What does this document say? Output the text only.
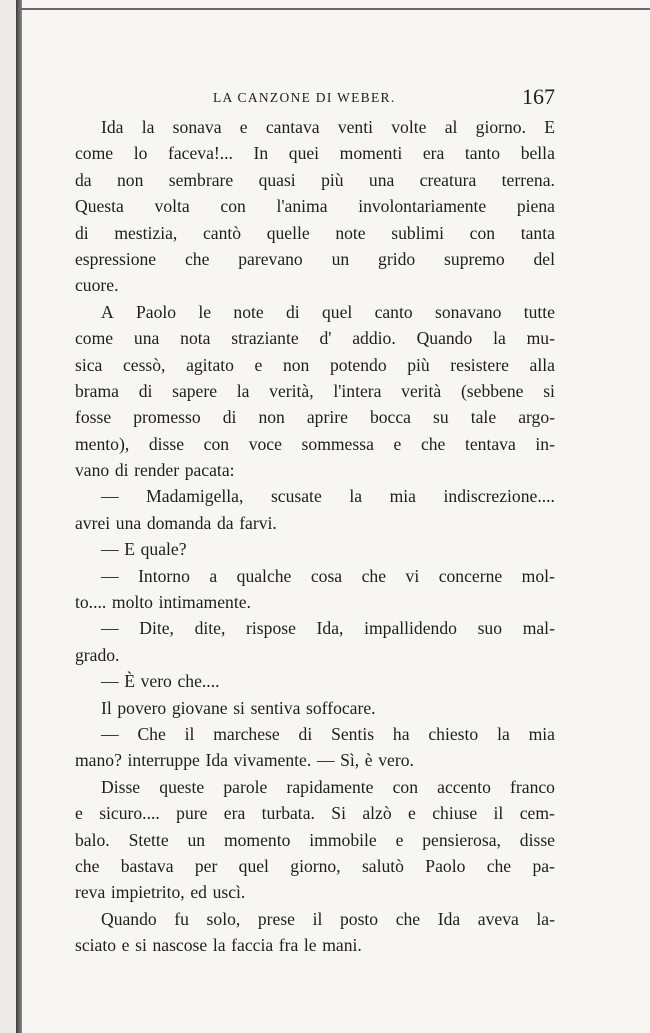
LA CANZONE DI WEBER.	167
Ida la sonava e cantava venti volte al giorno. E
come lo faceva!... In quei momenti era tanto bella
da non sembrare quasi più una creatura terrena.
Questa volta con l'anima involontariamente piena
di mestizia, cantò quelle note sublimi con tanta
espressione che parevano un grido supremo del
cuore.
A Paolo le note di quel canto sonavano tutte
come una nota straziante d' addio. Quando la mu-
sica cessò, agitato e non potendo più resistere alla
brama di sapere la verità, l'intera verità (sebbene si
fosse promesso di non aprire bocca su tale argo-
mento), disse con voce sommessa e che tentava in-
vano di render pacata:
— Madamigella, scusate la mia indiscrezione....
avrei una domanda da farvi.
— E quale?
— Intorno a qualche cosa che vi concerne mol-
to.... molto intimamente.
— Dite, dite, rispose Ida, impallidendo suo mal-
grado.
— È vero che....
Il povero giovane si sentiva soffocare.
— Che il marchese di Sentis ha chiesto la mia
mano? interruppe Ida vivamente. — Sì, è vero.
Disse queste parole rapidamente con accento franco
e sicuro.... pure era turbata. Si alzò e chiuse il cem-
balo. Stette un momento immobile e pensierosa, disse
che bastava per quel giorno, salutò Paolo che pa-
reva impietrito, ed uscì.
Quando fu solo, prese il posto che Ida aveva la-
sciato e si nascose la faccia fra le mani.
